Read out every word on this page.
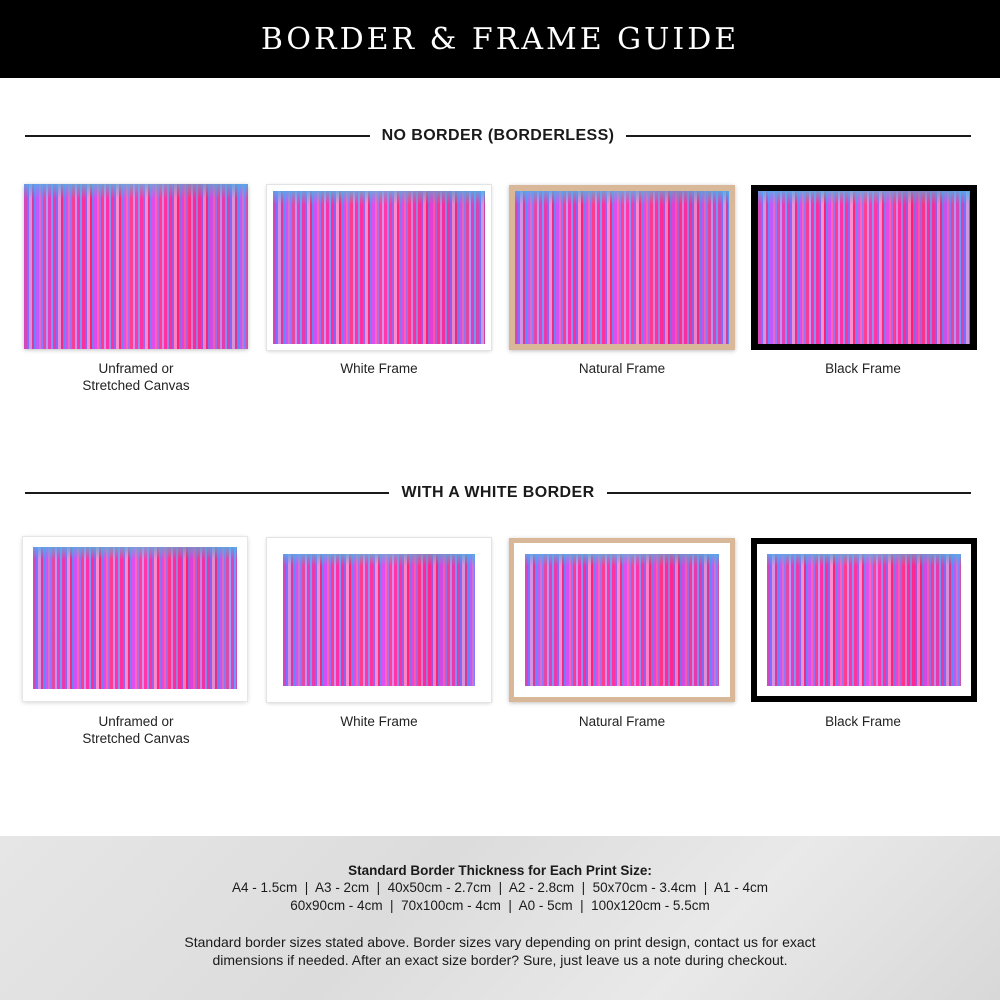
BORDER & FRAME GUIDE
NO BORDER (BORDERLESS)
Unframed or
Stretched Canvas
White Frame	Natural Frame	Black Frame
WITH A WHITE BORDER
Unframed or
Stretched Canvas
White Frame	Natural Frame	Black Frame
Standard Border Thickness for Each Print Size:
A4 - 1.5cm  |  A3 - 2cm  |  40x50cm - 2.7cm  |  A2 - 2.8cm  |  50x70cm - 3.4cm  |  A1 - 4cm
60x90cm - 4cm  |  70x100cm - 4cm  |  A0 - 5cm  |  100x120cm - 5.5cm
Standard border sizes stated above. Border sizes vary depending on print design, contact us for exact
dimensions if needed. After an exact size border? Sure, just leave us a note during checkout.
